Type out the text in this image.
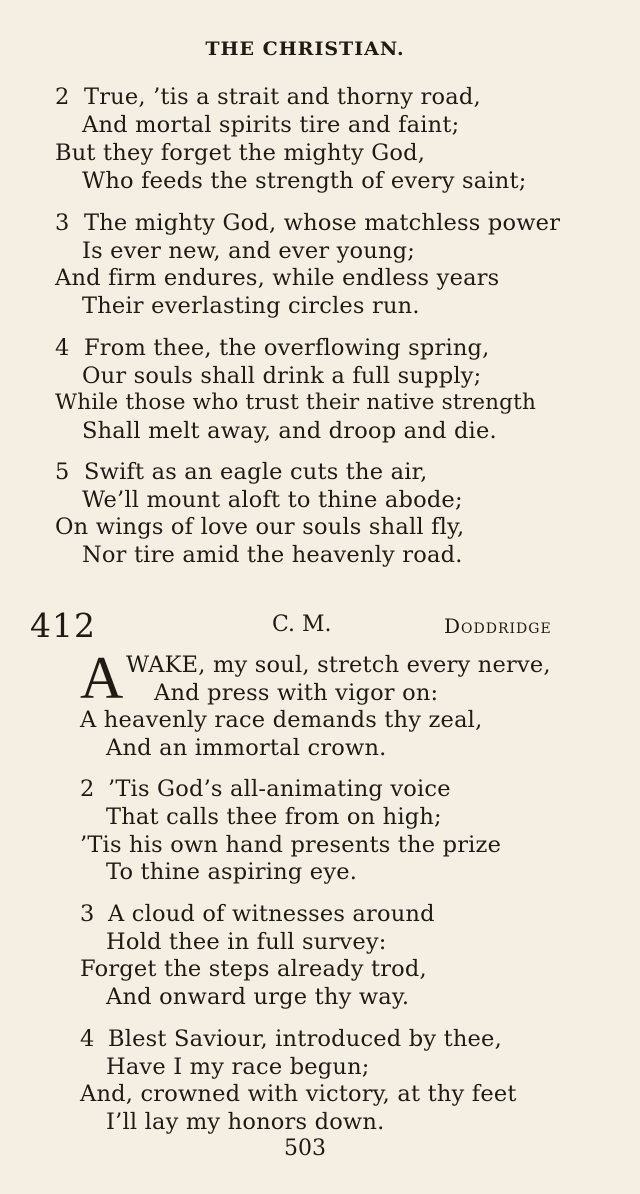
THE CHRISTIAN.
2 True, ’tis a strait and thorny road,
And mortal spirits tire and faint;
But they forget the mighty God,
Who feeds the strength of every saint;
3 The mighty God, whose matchless power
Is ever new, and ever young;
And firm endures, while endless years
Their everlasting circles run.
4 From thee, the overflowing spring,
Our souls shall drink a full supply;
While those who trust their native strength
Shall melt away, and droop and die.
5 Swift as an eagle cuts the air,
We’ll mount aloft to thine abode;
On wings of love our souls shall fly,
Nor tire amid the heavenly road.
412	C. M.	Doddridge
A WAKE, my soul, stretch every nerve,
And press with vigor on:
A heavenly race demands thy zeal,
And an immortal crown.
2 ’Tis God’s all-animating voice
That calls thee from on high;
’Tis his own hand presents the prize
To thine aspiring eye.
3 A cloud of witnesses around
Hold thee in full survey:
Forget the steps already trod,
And onward urge thy way.
4 Blest Saviour, introduced by thee,
Have I my race begun;
And, crowned with victory, at thy feet
I’ll lay my honors down.
503
